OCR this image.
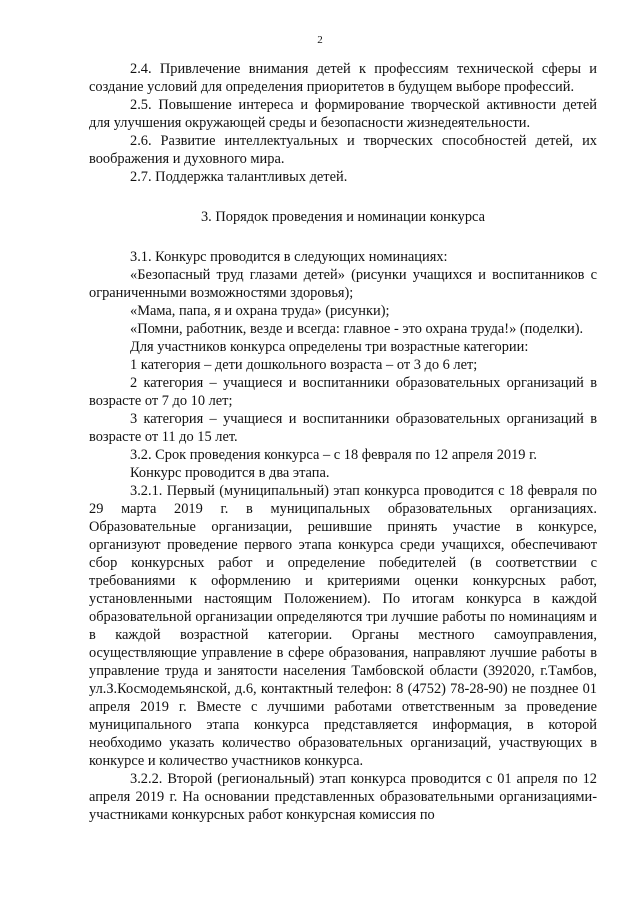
2

2.4. Привлечение внимания детей к профессиям технической сферы и создание условий для определения приоритетов в будущем выборе профессий.

2.5. Повышение интереса и формирование творческой активности детей для улучшения окружающей среды и безопасности жизнедеятельности.

2.6. Развитие интеллектуальных и творческих способностей детей, их воображения и духовного мира.

2.7. Поддержка талантливых детей.

3. Порядок проведения и номинации конкурса

3.1. Конкурс проводится в следующих номинациях:

«Безопасный труд глазами детей» (рисунки учащихся и воспитанников с ограниченными возможностями здоровья);

«Мама, папа, я и охрана труда» (рисунки);

«Помни, работник, везде и всегда: главное - это охрана труда!» (поделки).

Для участников конкурса определены три возрастные категории:

1 категория – дети дошкольного возраста – от 3 до 6 лет;

2 категория – учащиеся и воспитанники образовательных организаций в возрасте от 7 до 10 лет;

3 категория – учащиеся и воспитанники образовательных организаций в возрасте от 11 до 15 лет.

3.2. Срок проведения конкурса – с 18 февраля по 12 апреля 2019 г.

Конкурс проводится в два этапа.

3.2.1. Первый (муниципальный) этап конкурса проводится с 18 февраля по 29 марта 2019 г. в муниципальных образовательных организациях. Образовательные организации, решившие принять участие в конкурсе, организуют проведение первого этапа конкурса среди учащихся, обеспечивают сбор конкурсных работ и определение победителей (в соответствии с требованиями к оформлению и критериями оценки конкурсных работ, установленными настоящим Положением). По итогам конкурса в каждой образовательной организации определяются три лучшие работы по номинациям и в каждой возрастной категории. Органы местного самоуправления, осуществляющие управление в сфере образования, направляют лучшие работы в управление труда и занятости населения Тамбовской области (392020, г.Тамбов, ул.З.Космодемьянской, д.6, контактный телефон: 8 (4752) 78-28-90) не позднее 01 апреля 2019 г. Вместе с лучшими работами ответственным за проведение муниципального этапа конкурса представляется информация, в которой необходимо указать количество образовательных организаций, участвующих в конкурсе и количество участников конкурса.

3.2.2. Второй (региональный) этап конкурса проводится с 01 апреля по 12 апреля 2019 г. На основании представленных образовательными организациями-участниками конкурсных работ конкурсная комиссия по
